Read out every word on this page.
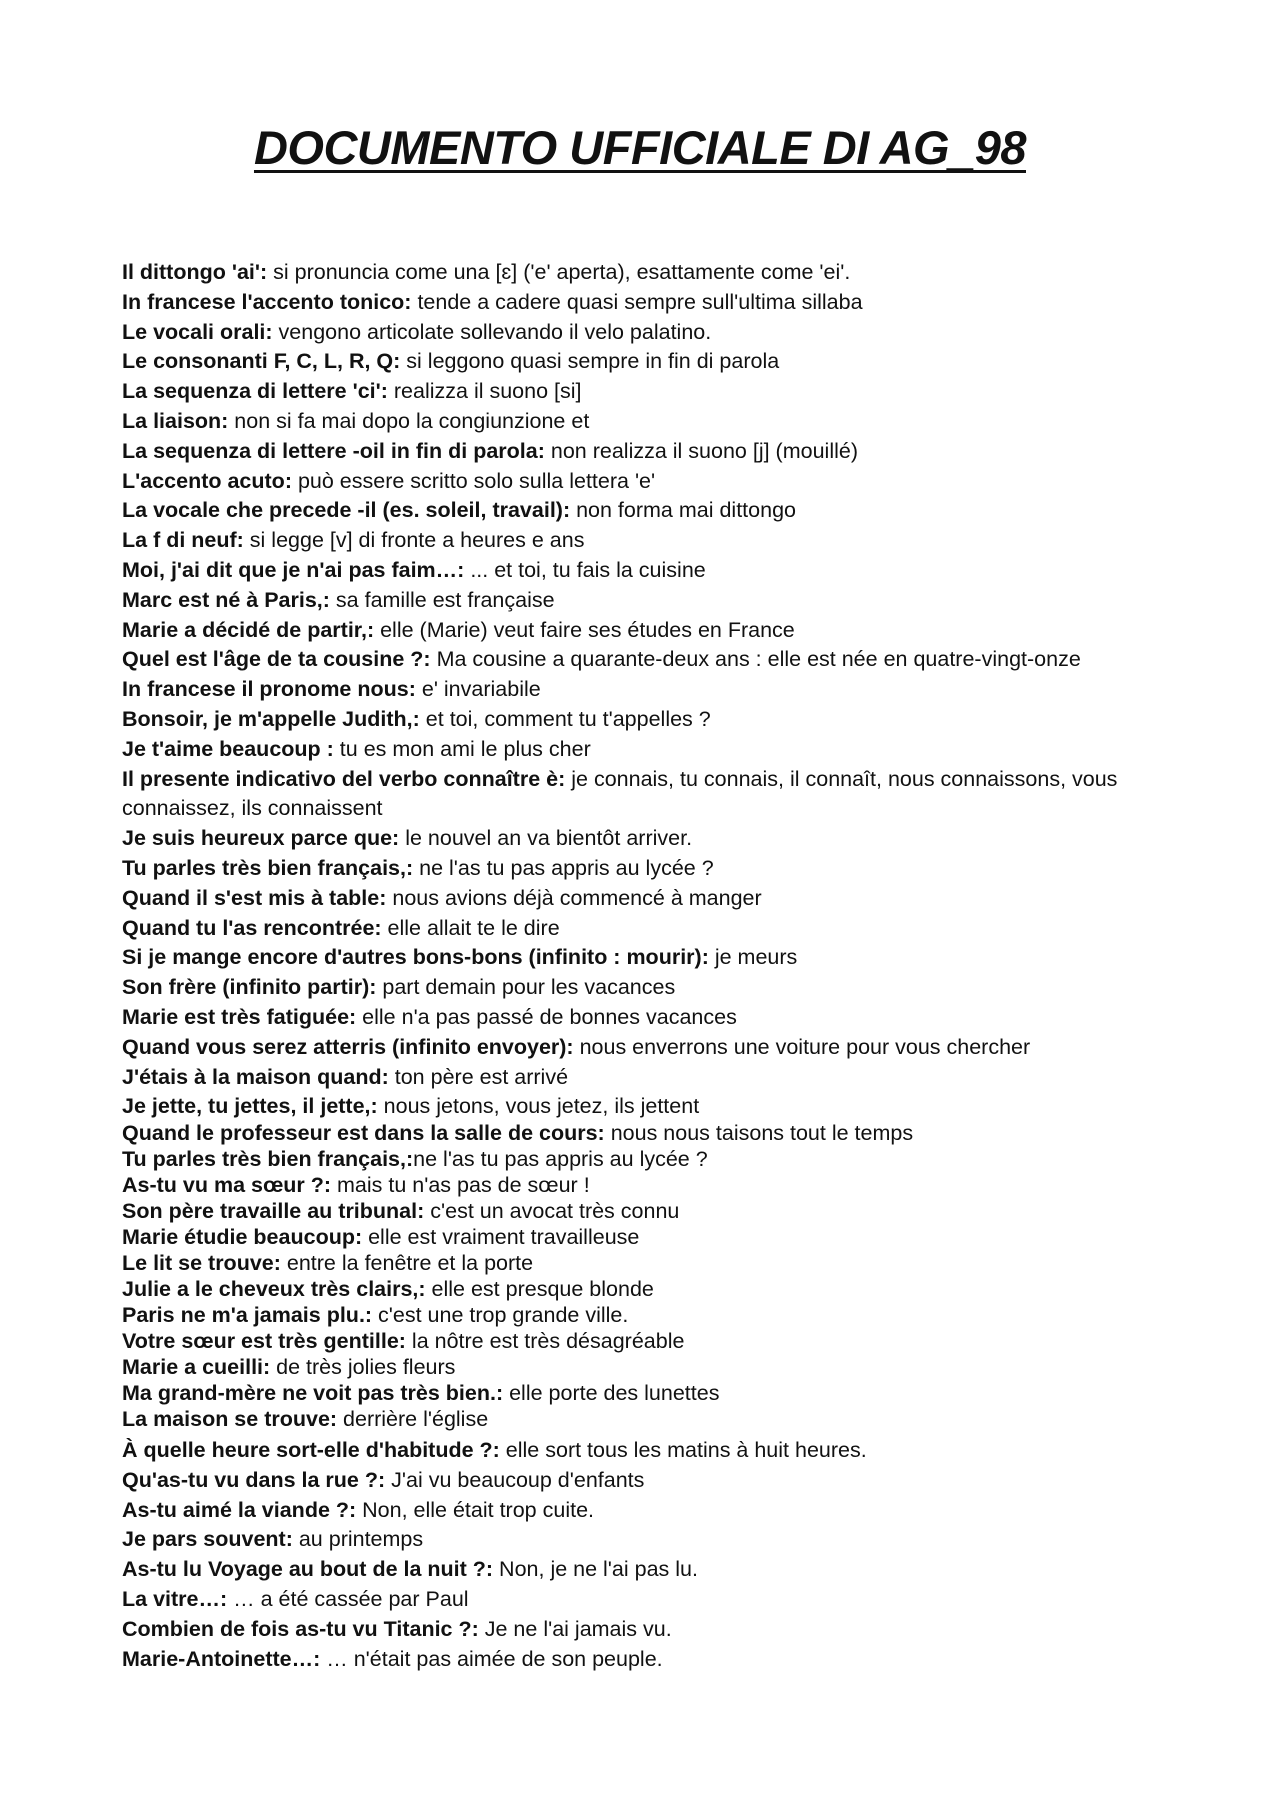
DOCUMENTO UFFICIALE DI AG_98

Il dittongo 'ai': si pronuncia come una [ɛ] ('e' aperta), esattamente come 'ei'.

In francese l'accento tonico: tende a cadere quasi sempre sull'ultima sillaba

Le vocali orali: vengono articolate sollevando il velo palatino.

Le consonanti F, C, L, R, Q: si leggono quasi sempre in fin di parola

La sequenza di lettere 'ci': realizza il suono [si]

La liaison: non si fa mai dopo la congiunzione et

La sequenza di lettere -oil in fin di parola: non realizza il suono [j] (mouillé)

L'accento acuto: può essere scritto solo sulla lettera 'e'

La vocale che precede -il (es. soleil, travail): non forma mai dittongo

La f di neuf: si legge [v] di fronte a heures e ans

Moi, j'ai dit que je n'ai pas faim…: ... et toi, tu fais la cuisine

Marc est né à Paris,: sa famille est française

Marie a décidé de partir,: elle (Marie) veut faire ses études en France

Quel est l'âge de ta cousine ?: Ma cousine a quarante-deux ans : elle est née en quatre-vingt-onze

In francese il pronome nous: e' invariabile

Bonsoir, je m'appelle Judith,: et toi, comment tu t'appelles ?

Je t'aime beaucoup : tu es mon ami le plus cher

Il presente indicativo del verbo connaître è: je connais, tu connais, il connaît, nous connaissons, vous connaissez, ils connaissent

Je suis heureux parce que: le nouvel an va bientôt arriver.

Tu parles très bien français,: ne l'as tu pas appris au lycée ?

Quand il s'est mis à table: nous avions déjà commencé à manger

Quand tu l'as rencontrée: elle allait te le dire

Si je mange encore d'autres bons-bons (infinito : mourir): je meurs

Son frère (infinito partir): part demain pour les vacances

Marie est très fatiguée: elle n'a pas passé de bonnes vacances

Quand vous serez atterris (infinito envoyer): nous enverrons une voiture pour vous chercher

J'étais à la maison quand: ton père est arrivé

Je jette, tu jettes, il jette,: nous jetons, vous jetez, ils jettent

Quand le professeur est dans la salle de cours: nous nous taisons tout le temps

Tu parles très bien français,:ne l'as tu pas appris au lycée ?

As-tu vu ma sœur ?: mais tu n'as pas de sœur !

Son père travaille au tribunal: c'est un avocat très connu

Marie étudie beaucoup: elle est vraiment travailleuse

Le lit se trouve: entre la fenêtre et la porte

Julie a le cheveux très clairs,: elle est presque blonde

Paris ne m'a jamais plu.: c'est une trop grande ville.

Votre sœur est très gentille: la nôtre est très désagréable

Marie a cueilli: de très jolies fleurs

Ma grand-mère ne voit pas très bien.: elle porte des lunettes

La maison se trouve: derrière l'église

À quelle heure sort-elle d'habitude ?: elle sort tous les matins à huit heures.

Qu'as-tu vu dans la rue ?: J'ai vu beaucoup d'enfants

As-tu aimé la viande ?: Non, elle était trop cuite.

Je pars souvent: au printemps

As-tu lu Voyage au bout de la nuit ?: Non, je ne l'ai pas lu.

La vitre…: … a été cassée par Paul

Combien de fois as-tu vu Titanic ?: Je ne l'ai jamais vu.

Marie-Antoinette…: … n'était pas aimée de son peuple.
